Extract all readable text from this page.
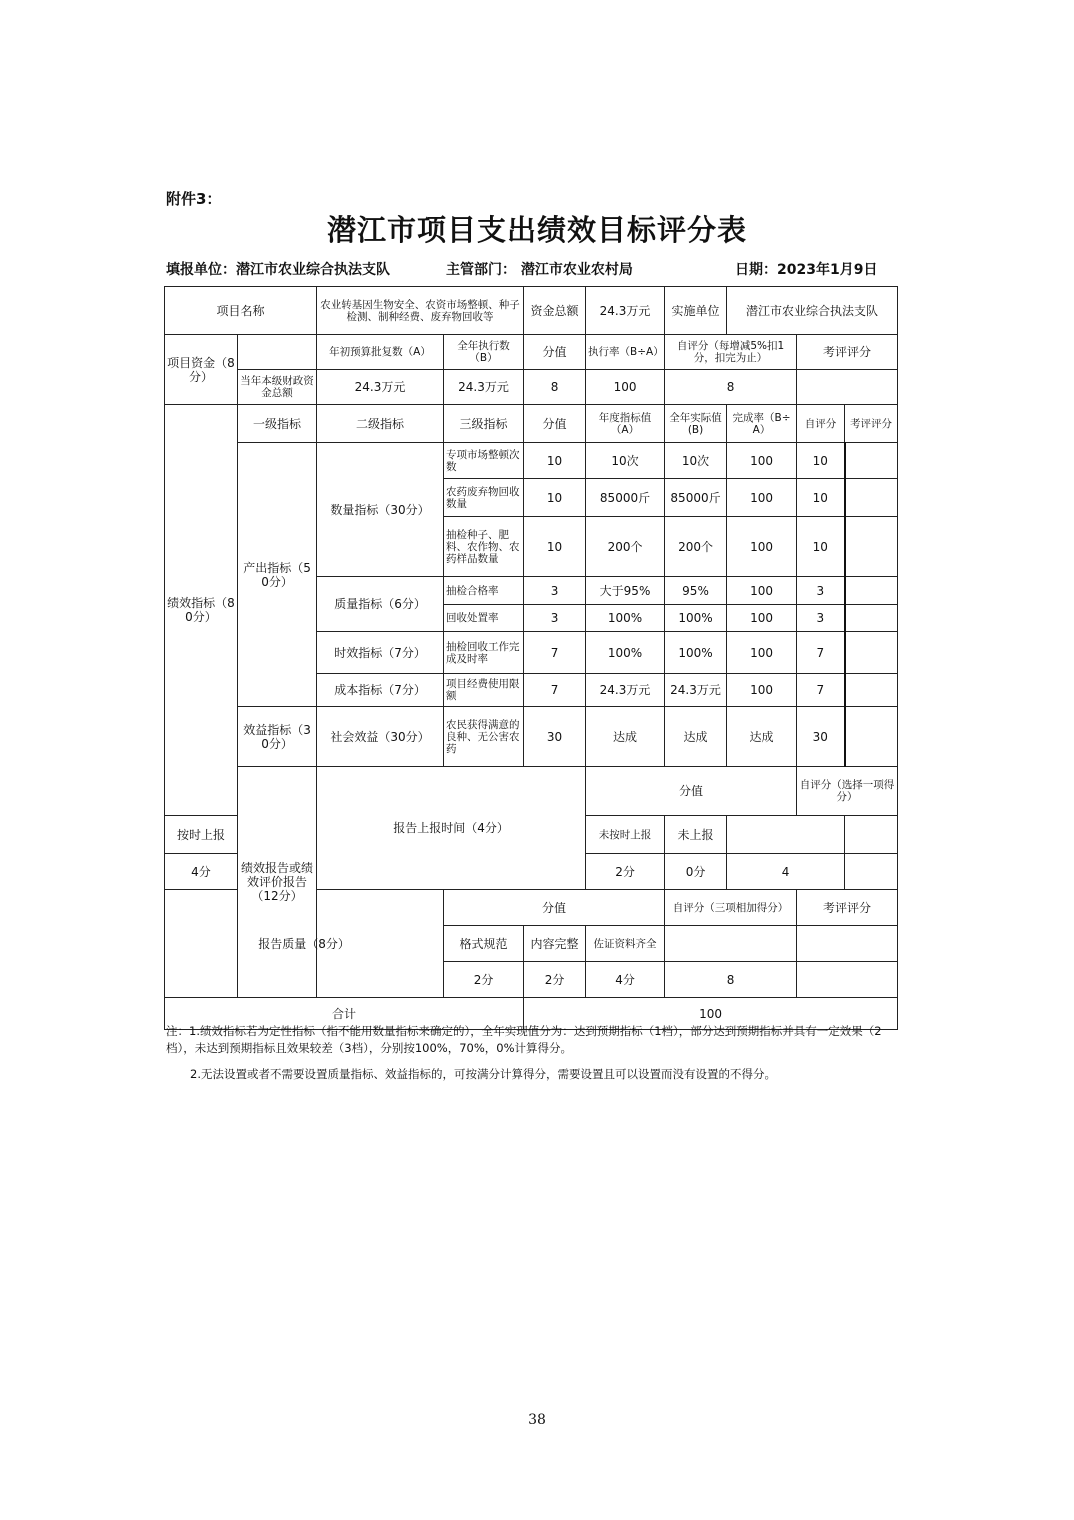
附件3：
潜江市项目支出绩效目标评分表
填报单位：潜江市农业综合执法支队	主管部门： 潜江市农业农村局	日期：2023年1月9日
项目名称		农业转基因生物安全、农资市场整顿、种子检测、制种经费、废弃物回收等		资金总额	24.3万元	实施单位	潜江市农业综合执法支队			
项目资金（8分）		年初预算批复数（A）	全年执行数（B）	分值	执行率（B÷A）	自评分（每增减5%扣1分，扣完为止）		考评评分		
	当年本级财政资金总额	24.3万元	24.3万元	8	100	8				
绩效指标（80分）	一级指标	二级指标	三级指标	分值	年度指标值（A）	全年实际值(B)	完成率（B÷A）	自评分	考评评分	
	产出指标（50分）	数量指标（30分）	专项市场整顿次数	10	10次	10次	100	10		
			农药废弃物回收数量	10	85000斤	85000斤	100	10		
			抽检种子、肥料、农作物、农药样品数量	10	200个	200个	100	10		
		质量指标（6分）	抽检合格率	3	大于95%	95%	100	3		
			回收处置率	3	100%	100%	100	3		
		时效指标（7分）	抽检回收工作完成及时率	7	100%	100%	100	7		
		成本指标（7分）	项目经费使用限额	7	24.3万元	24.3万元	100	7		
	效益指标（30分）	社会效益（30分）	农民获得满意的良种、无公害农药	30	达成	达成	达成	30		
	绩效报告或绩效评价报告（12分）	报告上报时间（4分）			分值			自评分（选择一项得分）	
按时上报					未按时上报	未上报				
4分					2分	0分	4			
报告质量（8分）			分值			自评分（三项相加得分）		考评评分		
			格式规范	内容完整	佐证资料齐全					
			2分	2分	4分	8				
合计				100						
注：1.绩效指标若为定性指标（指不能用数量指标来确定的），全年实现值分为：达到预期指标（1档），部分达到预期指标并具有一定效果（2档），未达到预期指标且效果较差（3档），分别按100%，70%，0%计算得分。
2.无法设置或者不需要设置质量指标、效益指标的，可按满分计算得分，需要设置且可以设置而没有设置的不得分。
38
